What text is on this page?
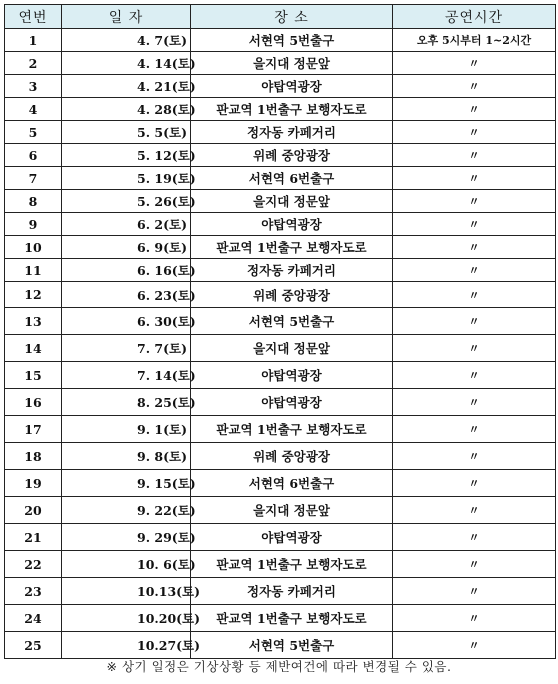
연번	일 자	장 소	공연시간
1	4. 7(토)	서현역 5번출구	오후 5시부터 1~2시간
2	4. 14(토)	을지대 정문앞	〃
3	4. 21(토)	야탑역광장	〃
4	4. 28(토)	판교역 1번출구 보행자도로	〃
5	5. 5(토)	정자동 카페거리	〃
6	5. 12(토)	위례 중앙광장	〃
7	5. 19(토)	서현역 6번출구	〃
8	5. 26(토)	을지대 정문앞	〃
9	6. 2(토)	야탑역광장	〃
10	6. 9(토)	판교역 1번출구 보행자도로	〃
11	6. 16(토)	정자동 카페거리	〃
12	6. 23(토)	위례 중앙광장	〃
13	6. 30(토)	서현역 5번출구	〃
14	7. 7(토)	을지대 정문앞	〃
15	7. 14(토)	야탑역광장	〃
16	8. 25(토)	야탑역광장	〃
17	9. 1(토)	판교역 1번출구 보행자도로	〃
18	9. 8(토)	위례 중앙광장	〃
19	9. 15(토)	서현역 6번출구	〃
20	9. 22(토)	을지대 정문앞	〃
21	9. 29(토)	야탑역광장	〃
22	10. 6(토)	판교역 1번출구 보행자도로	〃
23	10.13(토)	정자동 카페거리	〃
24	10.20(토)	판교역 1번출구 보행자도로	〃
25	10.27(토)	서현역 5번출구	〃
※ 상기 일정은 기상상황 등 제반여건에 따라 변경될 수 있음.
